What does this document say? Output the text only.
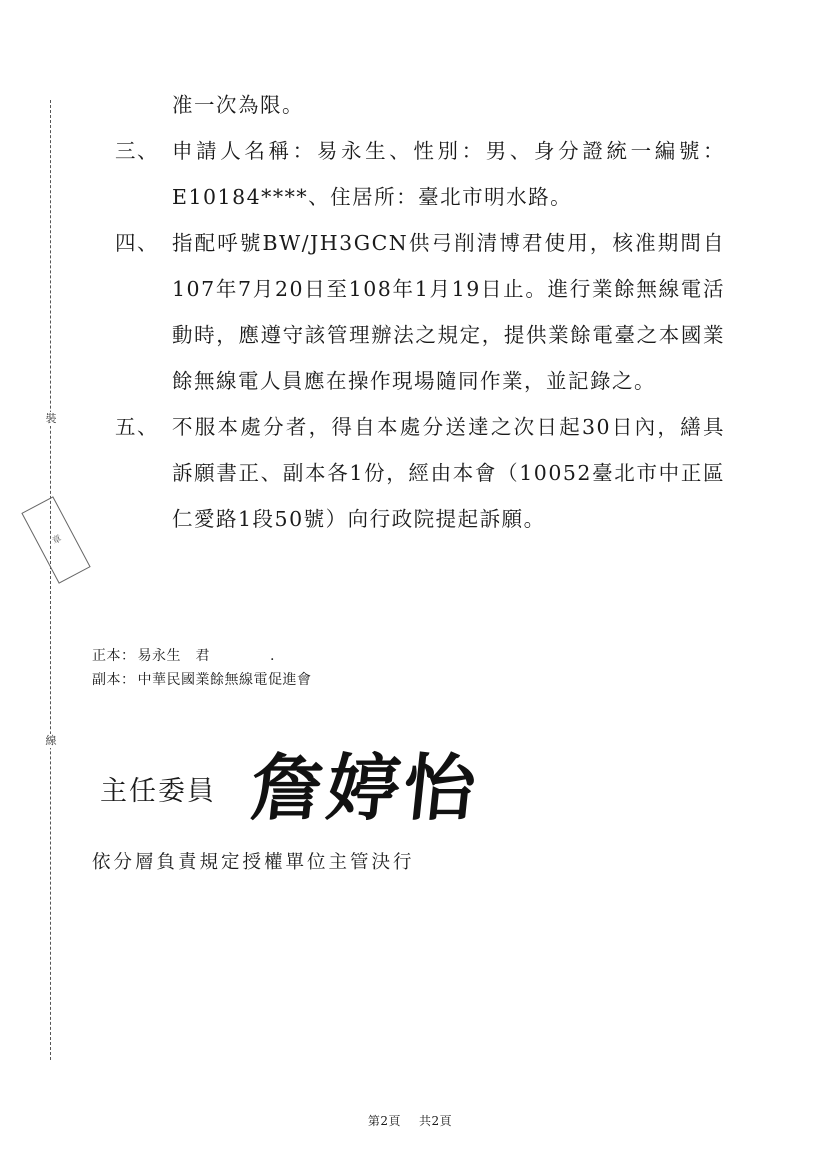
裝
線
章
准一次為限。
三、 申請人名稱：易永生、性別：男、身分證統一編號：E10184****、住居所：臺北市明水路。
四、 指配呼號BW/JH3GCN供弓削清博君使用，核准期間自107年7月20日至108年1月19日止。進行業餘無線電活動時，應遵守該管理辦法之規定，提供業餘電臺之本國業餘無線電人員應在操作現場隨同作業，並記錄之。
五、 不服本處分者，得自本處分送達之次日起30日內，繕具訴願書正、副本各1份，經由本會（10052臺北市中正區仁愛路1段50號）向行政院提起訴願。
正本： 易永生　君	.
副本： 中華民國業餘無線電促進會
主任委員 詹婷怡
依分層負責規定授權單位主管決行
第2頁 共2頁
